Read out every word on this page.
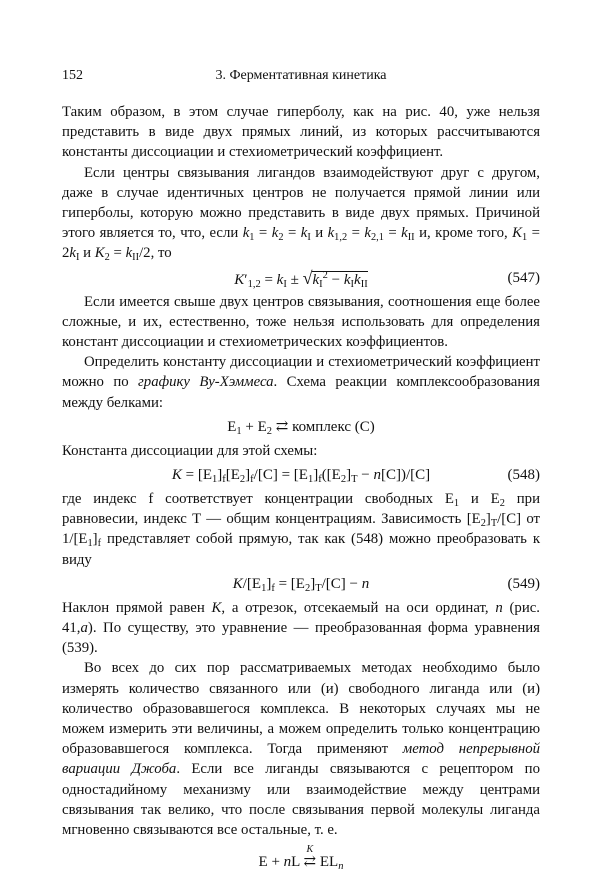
152	3. Ферментативная кинетика

Таким образом, в этом случае гиперболу, как на рис. 40, уже нельзя представить в виде двух прямых линий, из которых рассчитываются константы диссоциации и стехиометрический коэффициент.

Если центры связывания лигандов взаимодействуют друг с другом, даже в случае идентичных центров не получается прямой линии или гиперболы, которую можно представить в виде двух прямых. Причиной этого является то, что, если $k_1 = k_2 = k_I$ и $k_{1,2} = k_{2,1} = k_{II}$ и, кроме того, $K_1 = 2k_I$ и $K_2 = k_{II}/2$, то

$K'_{1,2} = k_I \pm √k_I^2 - k_Ik_{II}$	(547)

Если имеется свыше двух центров связывания, соотношения еще более сложные, и их, естественно, тоже нельзя использовать для определения констант диссоциации и стехиометрических коэффициентов.

Определить константу диссоциации и стехиометрический коэффициент можно по графику Ву-Хэммеса. Схема реакции комплексообразования между белками:

$E_1 + E_2$ ⇄ комплекс (C)

Константа диссоциации для этой схемы:

$K = [E_1]_f[E_2]_f/[C] = [E_1]_f([E_2]_T - n[C])/[C]$	(548)

где индекс f соответствует концентрации свободных $E_1$ и $E_2$ при равновесии, индекс T — общим концентрациям. Зависимость $[E_2]_T/[C]$ от $1/[E_1]_f$ представляет собой прямую, так как (548) можно преобразовать к виду

$K/[E_1]_f = [E_2]_T/[C] - n$	(549)

Наклон прямой равен K, а отрезок, отсекаемый на оси ординат, n (рис. 41,а). По существу, это уравнение — преобразованная форма уравнения (539).

Во всех до сих пор рассматриваемых методах необходимо было измерять количество связанного или (и) свободного лиганда или (и) количество образовавшегося комплекса. В некоторых случаях мы не можем измерить эти величины, а можем определить только концентрацию образовавшегося комплекса. Тогда применяют метод непрерывной вариации Джоба. Если все лиганды связываются с рецептором по одностадийному механизму или взаимодействие между центрами связывания так велико, что после связывания первой молекулы лиганда мгновенно связываются все остальные, т. е.

E + nL
K
⇄ $EL_n$
